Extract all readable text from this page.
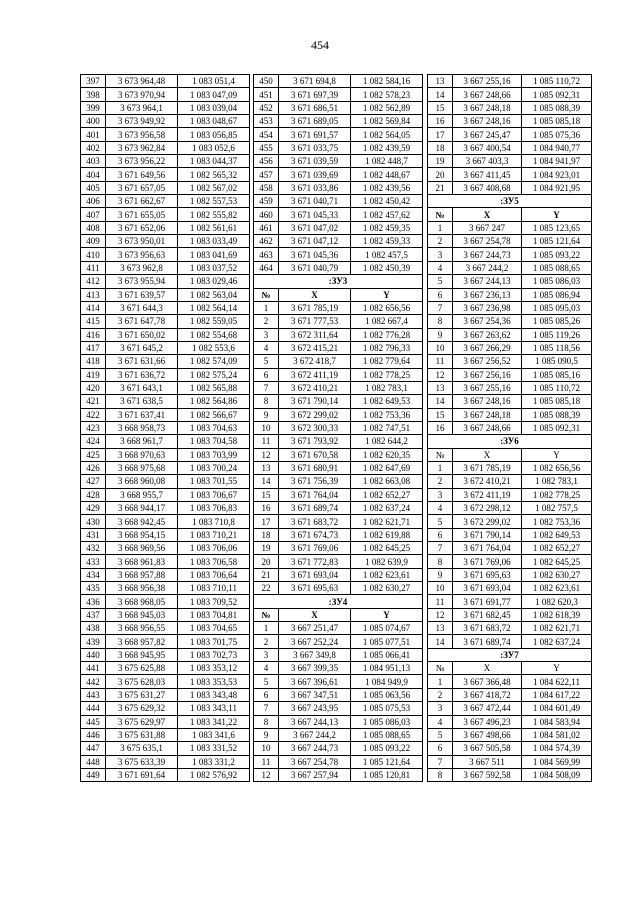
454
397	3 673 964,48	1 083 051,4
398	3 673 970,94	1 083 047,09
399	3 673 964,1	1 083 039,04
400	3 673 949,92	1 083 048,67
401	3 673 956,58	1 083 056,85
402	3 673 962,84	1 083 052,6
403	3 673 956,22	1 083 044,37
404	3 671 649,56	1 082 565,32
405	3 671 657,05	1 082 567,02
406	3 671 662,67	1 082 557,53
407	3 671 655,05	1 082 555,82
408	3 671 652,06	1 082 561,61
409	3 673 950,01	1 083 033,49
410	3 673 956,63	1 083 041,69
411	3 673 962,8	1 083 037,52
412	3 673 955,94	1 083 029,46
413	3 671 639,57	1 082 563,04
414	3 671 644,3	1 082 564,14
415	3 671 647,78	1 082 559,05
416	3 671 650,02	1 082 554,68
417	3 671 645,2	1 082 553,6
418	3 671 631,66	1 082 574,09
419	3 671 636,72	1 082 575,24
420	3 671 643,1	1 082 565,88
421	3 671 638,5	1 082 564,86
422	3 671 637,41	1 082 566,67
423	3 668 958,73	1 083 704,63
424	3 668 961,7	1 083 704,58
425	3 668 970,63	1 083 703,99
426	3 668 975,68	1 083 700,24
427	3 668 960,08	1 083 701,55
428	3 668 955,7	1 083 706,67
429	3 668 944,17	1 083 706,83
430	3 668 942,45	1 083 710,8
431	3 668 954,15	1 083 710,21
432	3 668 969,56	1 083 706,06
433	3 668 961,83	1 083 706,58
434	3 668 957,88	1 083 706,64
435	3 668 956,38	1 083 710,11
436	3 668 968,05	1 083 709,52
437	3 668 945,03	1 083 704,81
438	3 668 956,55	1 083 704,65
439	3 668 957,82	1 083 701,75
440	3 668 945,95	1 083 702,73
441	3 675 625,88	1 083 353,12
442	3 675 628,03	1 083 353,53
443	3 675 631,27	1 083 343,48
444	3 675 629,32	1 083 343,11
445	3 675 629,97	1 083 341,22
446	3 675 631,88	1 083 341,6
447	3 675 635,1	1 083 331,52
448	3 675 633,39	1 083 331,2
449	3 671 691,64	1 082 576,92
450	3 671 694,8	1 082 584,16
451	3 671 697,39	1 082 578,23
452	3 671 686,51	1 082 562,89
453	3 671 689,05	1 082 569,84
454	3 671 691,57	1 082 564,05
455	3 671 033,75	1 082 439,59
456	3 671 039,59	1 082 448,7
457	3 671 039,69	1 082 448,67
458	3 671 033,86	1 082 439,56
459	3 671 040,71	1 082 450,42
460	3 671 045,33	1 082 457,62
461	3 671 047,02	1 082 459,35
462	3 671 047,12	1 082 459,33
463	3 671 045,36	1 082 457,5
464	3 671 040,79	1 082 450,39
:ЗУ3		
№	X	Y
1	3 671 785,19	1 082 656,56
2	3 671 777,53	1 082 667,4
3	3 672 311,64	1 082 776,28
4	3 672 415,21	1 082 796,33
5	3 672 418,7	1 082 779,64
6	3 672 411,19	1 082 778,25
7	3 672 410,21	1 082 783,1
8	3 671 790,14	1 082 649,53
9	3 672 299,02	1 082 753,36
10	3 672 300,33	1 082 747,51
11	3 671 793,92	1 082 644,2
12	3 671 670,58	1 082 620,35
13	3 671 680,91	1 082 647,69
14	3 671 756,39	1 082 663,08
15	3 671 764,04	1 082 652,27
16	3 671 689,74	1 082 637,24
17	3 671 683,72	1 082 621,71
18	3 671 674,73	1 082 619,88
19	3 671 769,06	1 082 645,25
20	3 671 772,83	1 082 639,9
21	3 671 693,04	1 082 623,61
22	3 671 695,63	1 082 630,27
:ЗУ4		
№	X	Y
1	3 667 251,47	1 085 074,67
2	3 667 252,24	1 085 077,51
3	3 667 349,8	1 085 066,41
4	3 667 399,35	1 084 951,13
5	3 667 396,61	1 084 949,9
6	3 667 347,51	1 085 063,56
7	3 667 243,95	1 085 075,53
8	3 667 244,13	1 085 086,03
9	3 667 244,2	1 085 088,65
10	3 667 244,73	1 085 093,22
11	3 667 254,78	1 085 121,64
12	3 667 257,94	1 085 120,81
13	3 667 255,16	1 085 110,72
14	3 667 248,66	1 085 092,31
15	3 667 248,18	1 085 088,39
16	3 667 248,16	1 085 085,18
17	3 667 245,47	1 085 075,36
18	3 667 400,54	1 084 940,77
19	3 667 403,3	1 084 941,97
20	3 667 411,45	1 084 923,01
21	3 667 408,68	1 084 921,95
:ЗУ5		
№	X	Y
1	3 667 247	1 085 123,65
2	3 667 254,78	1 085 121,64
3	3 667 244,73	1 085 093,22
4	3 667 244,2	1 085 088,65
5	3 667 244,13	1 085 086,03
6	3 667 236,13	1 085 086,94
7	3 667 236,98	1 085 095,03
8	3 667 254,36	1 085 085,26
9	3 667 263,62	1 085 119,26
10	3 667 266,29	1 085 118,56
11	3 667 256,52	1 085 090,5
12	3 667 256,16	1 085 085,16
13	3 667 255,16	1 085 110,72
14	3 667 248,16	1 085 085,18
15	3 667 248,18	1 085 088,39
16	3 667 248,66	1 085 092,31
:ЗУ6		
№	X	Y
1	3 671 785,19	1 082 656,56
2	3 672 410,21	1 082 783,1
3	3 672 411,19	1 082 778,25
4	3 672 298,12	1 082 757,5
5	3 672 299,02	1 082 753,36
6	3 671 790,14	1 082 649,53
7	3 671 764,04	1 082 652,27
8	3 671 769,06	1 082 645,25
9	3 671 695,63	1 082 630,27
10	3 671 693,04	1 082 623,61
11	3 671 691,77	1 082 620,3
12	3 671 682,45	1 082 618,39
13	3 671 683,72	1 082 621,71
14	3 671 689,74	1 082 637,24
:ЗУ7		
№	X	Y
1	3 667 366,48	1 084 622,11
2	3 667 418,72	1 084 617,22
3	3 667 472,44	1 084 601,49
4	3 667 496,23	1 084 583,94
5	3 667 498,66	1 084 581,02
6	3 667 505,58	1 084 574,39
7	3 667 511	1 084 569,99
8	3 667 592,58	1 084 508,09
